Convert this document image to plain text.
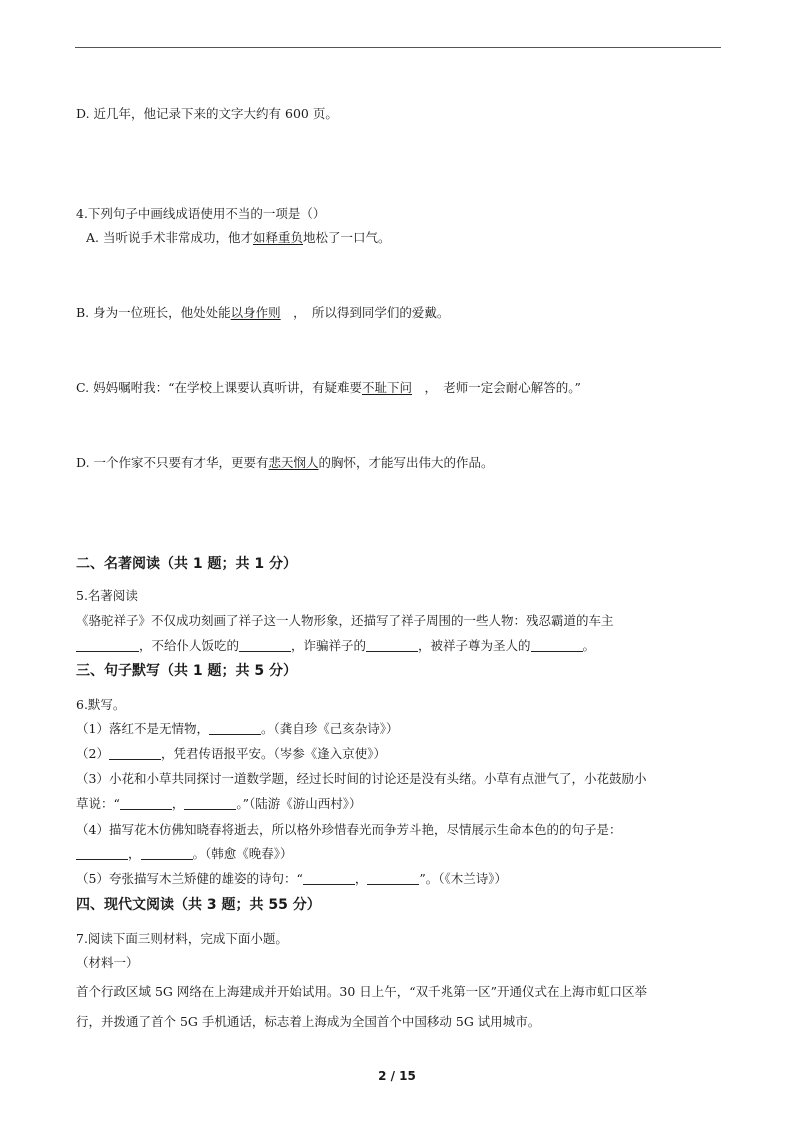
D. 近几年，他记录下来的文字大约有 600 页。
4.下列句子中画线成语使用不当的一项是（）
A. 当听说手术非常成功，他才如释重负地松了一口气。
B. 身为一位班长，他处处能以身作则　，　所以得到同学们的爱戴。
C. 妈妈嘱咐我：“在学校上课要认真听讲，有疑难要不耻下问　，　老师一定会耐心解答的。”
D. 一个作家不只要有才华，更要有悲天悯人的胸怀，才能写出伟大的作品。
二、名著阅读（共 1 题；共 1 分）
5.名著阅读
《骆驼祥子》不仅成功刻画了祥子这一人物形象，还描写了祥子周围的一些人物：残忍霸道的车主
，不给仆人饭吃的	，诈骗祥子的	，被祥子尊为圣人的	。
三、句子默写（共 1 题；共 5 分）
6.默写。
（1）落红不是无情物，	。（龚自珍《己亥杂诗》）
（2）	，凭君传语报平安。（岑参《逢入京使》）
（3）小花和小草共同探讨一道数学题，经过长时间的讨论还是没有头绪。小草有点泄气了，小花鼓励小
草说：“	，	。”（陆游《游山西村》）
（4）描写花木仿佛知晓春将逝去，所以格外珍惜春光而争芳斗艳，尽情展示生命本色的的句子是：
，	。（韩愈《晚春》）
（5）夸张描写木兰矫健的雄姿的诗句：“	，	”。（《木兰诗》）
四、现代文阅读（共 3 题；共 55 分）
7.阅读下面三则材料，完成下面小题。
（材料一）
首个行政区域 5G 网络在上海建成并开始试用。30 日上午，“双千兆第一区”开通仪式在上海市虹口区举
行，并拨通了首个 5G 手机通话，标志着上海成为全国首个中国移动 5G 试用城市。
2 / 15
